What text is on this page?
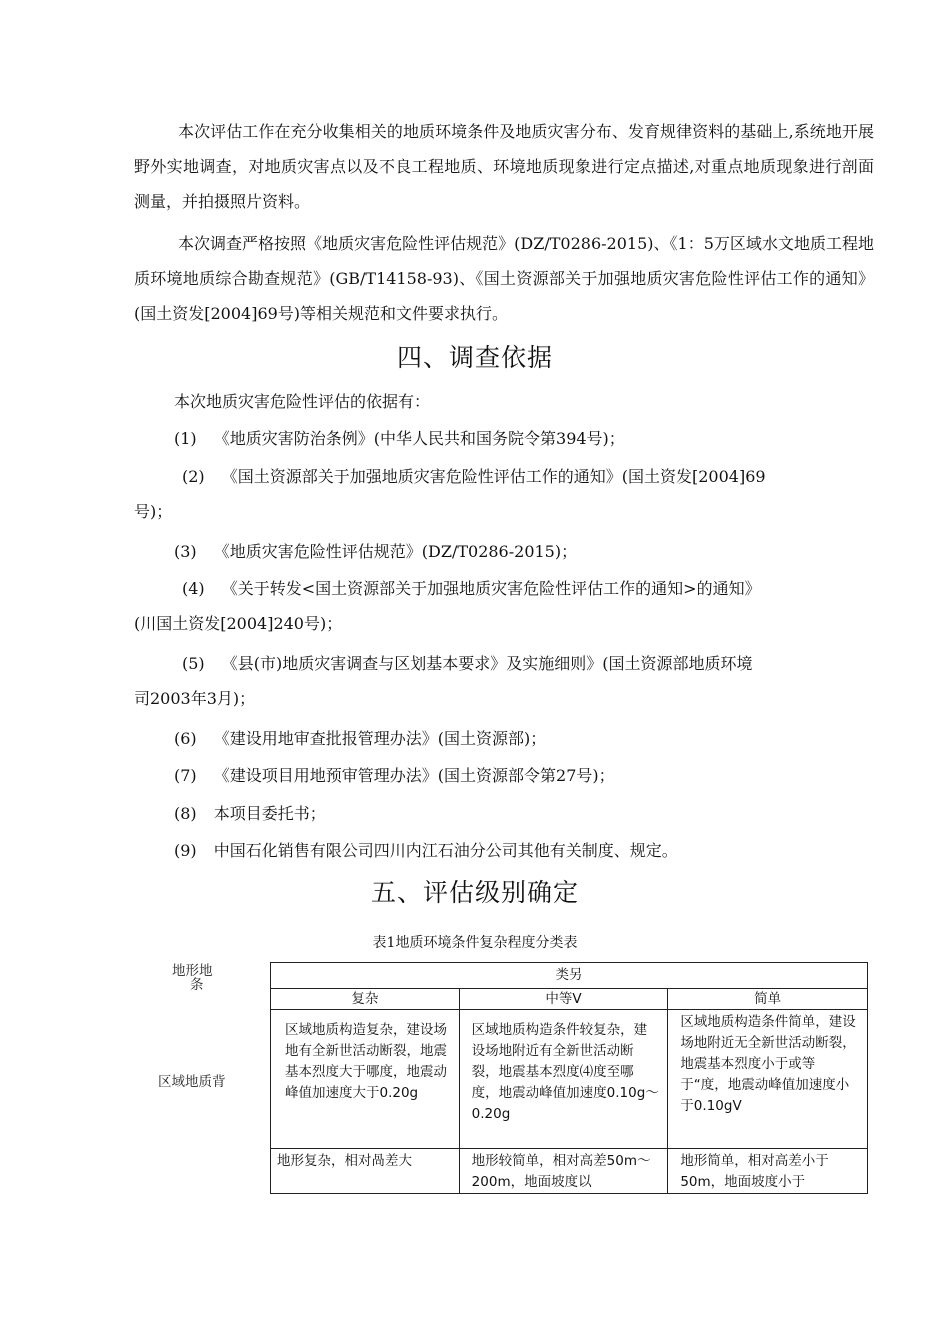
本次评估工作在充分收集相关的地质环境条件及地质灾害分布、发育规律资料的基础上,系统地开展野外实地调查，对地质灾害点以及不良工程地质、环境地质现象进行定点描述,对重点地质现象进行剖面测量，并拍摄照片资料。

本次调查严格按照《地质灾害危险性评估规范》(DZ/T0286-2015)、《1：5万区域水文地质工程地质环境地质综合勘查规范》(GB/T14158-93)、《国土资源部关于加强地质灾害危险性评估工作的通知》(国土资发[2004]69号)等相关规范和文件要求执行。

四、调查依据

本次地质灾害危险性评估的依据有：

(1) 《地质灾害防治条例》(中华人民共和国务院令第394号)；
(2) 《国土资源部关于加强地质灾害危险性评估工作的通知》(国土资发[2004]69
号)；
(3) 《地质灾害危险性评估规范》(DZ/T0286-2015)；
(4) 《关于转发<国土资源部关于加强地质灾害危险性评估工作的通知>的通知》
(川国土资发[2004]240号)；
(5) 《县(市)地质灾害调查与区划基本要求》及实施细则》(国土资源部地质环境
司2003年3月)；
(6) 《建设用地审查批报管理办法》(国土资源部)；
(7) 《建设项目用地预审管理办法》(国土资源部令第27号)；
(8) 本项目委托书；
(9) 中国石化销售有限公司四川内江石油分公司其他有关制度、规定。
五、评估级别确定

表1地质环境条件复杂程度分类表

地形地
条
区域地质背
类另		
复杂	中等V	简单
区域地质构造复杂，建设场地有全新世活动断裂，地震基本烈度大于哪度，地震动峰值加速度大于0.20g	区域地质构造条件较复杂，建设场地附近有全新世活动断裂，地震基本烈度⑷度至哪度，地震动峰值加速度0.10g〜0.20g	区域地质构造条件简单，建设场地附近无全新世活动断裂，地震基本烈度小于或等于“度，地震动峰值加速度小于0.10gV
地形复杂，相对咼差大	地形较简单，相对高差50m〜200m，地面坡度以	地形简单，相对高差小于50m，地面坡度小于
